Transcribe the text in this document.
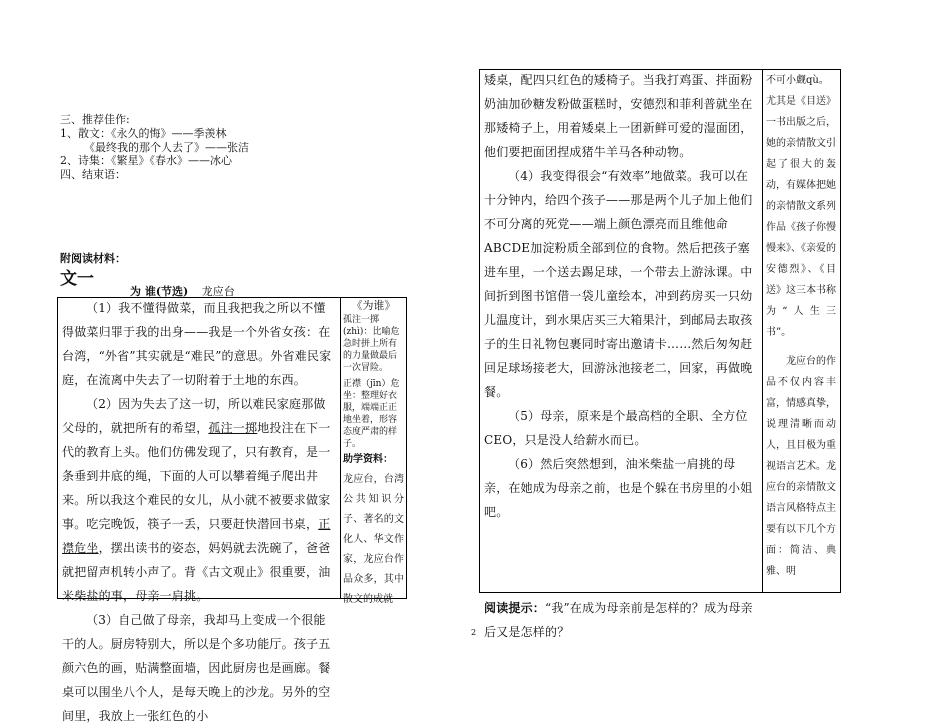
三、推荐佳作:
1、散文：《永久的悔》——季羡林
《最终我的那个人去了》——张洁
2、诗集：《繁星》《春水》——冰心
四、结束语：
附阅读材料：
文一
为 谁(节选) 龙应台
（1）我不懂得做菜，而且我把我之所以不懂得做菜归罪于我的出身——我是一个外省女孩：在台湾，“外省”其实就是“难民”的意思。外省难民家庭，在流离中失去了一切附着于土地的东西。
（2）因为失去了这一切，所以难民家庭那做父母的，就把所有的希望，孤注一掷地投注在下一代的教育上头。他们仿佛发现了，只有教育，是一条垂到井底的绳，下面的人可以攀着绳子爬出井来。所以我这个难民的女儿，从小就不被要求做家事。吃完晚饭，筷子一丢，只要赶快潜回书桌，正襟危坐，摆出读书的姿态，妈妈就去洗碗了，爸爸就把留声机转小声了。背《古文观止》很重要，油米柴盐的事，母亲一肩挑。
（3）自己做了母亲，我却马上变成一个很能干的人。厨房特别大，所以是个多功能厅。孩子五颜六色的画，贴满整面墙，因此厨房也是画廊。餐桌可以围坐八个人，是每天晚上的沙龙。另外的空间里，我放上一张红色的小
《为谁》
孤注一掷(zhì)：比喻危急时拼上所有的力量做最后一次冒险。
正襟（jīn）危坐：整理好衣服，端端正正地坐着，形容态度严肃的样子。
助学资料：
龙应台，台湾公共知识分子、著名的文化人、华文作家，龙应台作品众多，其中散文的成就
矮桌，配四只红色的矮椅子。当我打鸡蛋、拌面粉奶油加砂糖发粉做蛋糕时，安德烈和菲利普就坐在那矮椅子上，用着矮桌上一团新鲜可爱的湿面团，他们要把面团捏成猪牛羊马各种动物。
（4）我变得很会“有效率”地做菜。我可以在十分钟内，给四个孩子——那是两个儿子加上他们不可分离的死党——端上颜色漂亮而且维他命ABCDE加淀粉质全部到位的食物。然后把孩子塞进车里，一个送去踢足球，一个带去上游泳课。中间折到图书馆借一袋儿童绘本，冲到药房买一只幼儿温度计，到水果店买三大箱果汁，到邮局去取孩子的生日礼物包裹同时寄出邀请卡……然后匆匆赶回足球场接老大，回游泳池接老二，回家，再做晚餐。
（5）母亲，原来是个最高档的全职、全方位CEO，只是没人给薪水而已。
（6）然后突然想到，油米柴盐一肩挑的母亲，在她成为母亲之前，也是个躲在书房里的小姐吧。
阅读提示：“我”在成为母亲前是怎样的？成为母亲后又是怎样的？
不可小觑qù。
尤其是《目送》一书出版之后，她的亲情散文引起了很大的轰动，有媒体把她的亲情散文系列作品《孩子你慢慢来》、《亲爱的安德烈》、《目送》这三本书称为“人生三书”。
龙应台的作品不仅内容丰富，情感真挚，说理清晰而动人，且目极为重视语言艺术。龙应台的亲情散文语言风格特点主要有以下几个方面：简洁、典雅、明
2
